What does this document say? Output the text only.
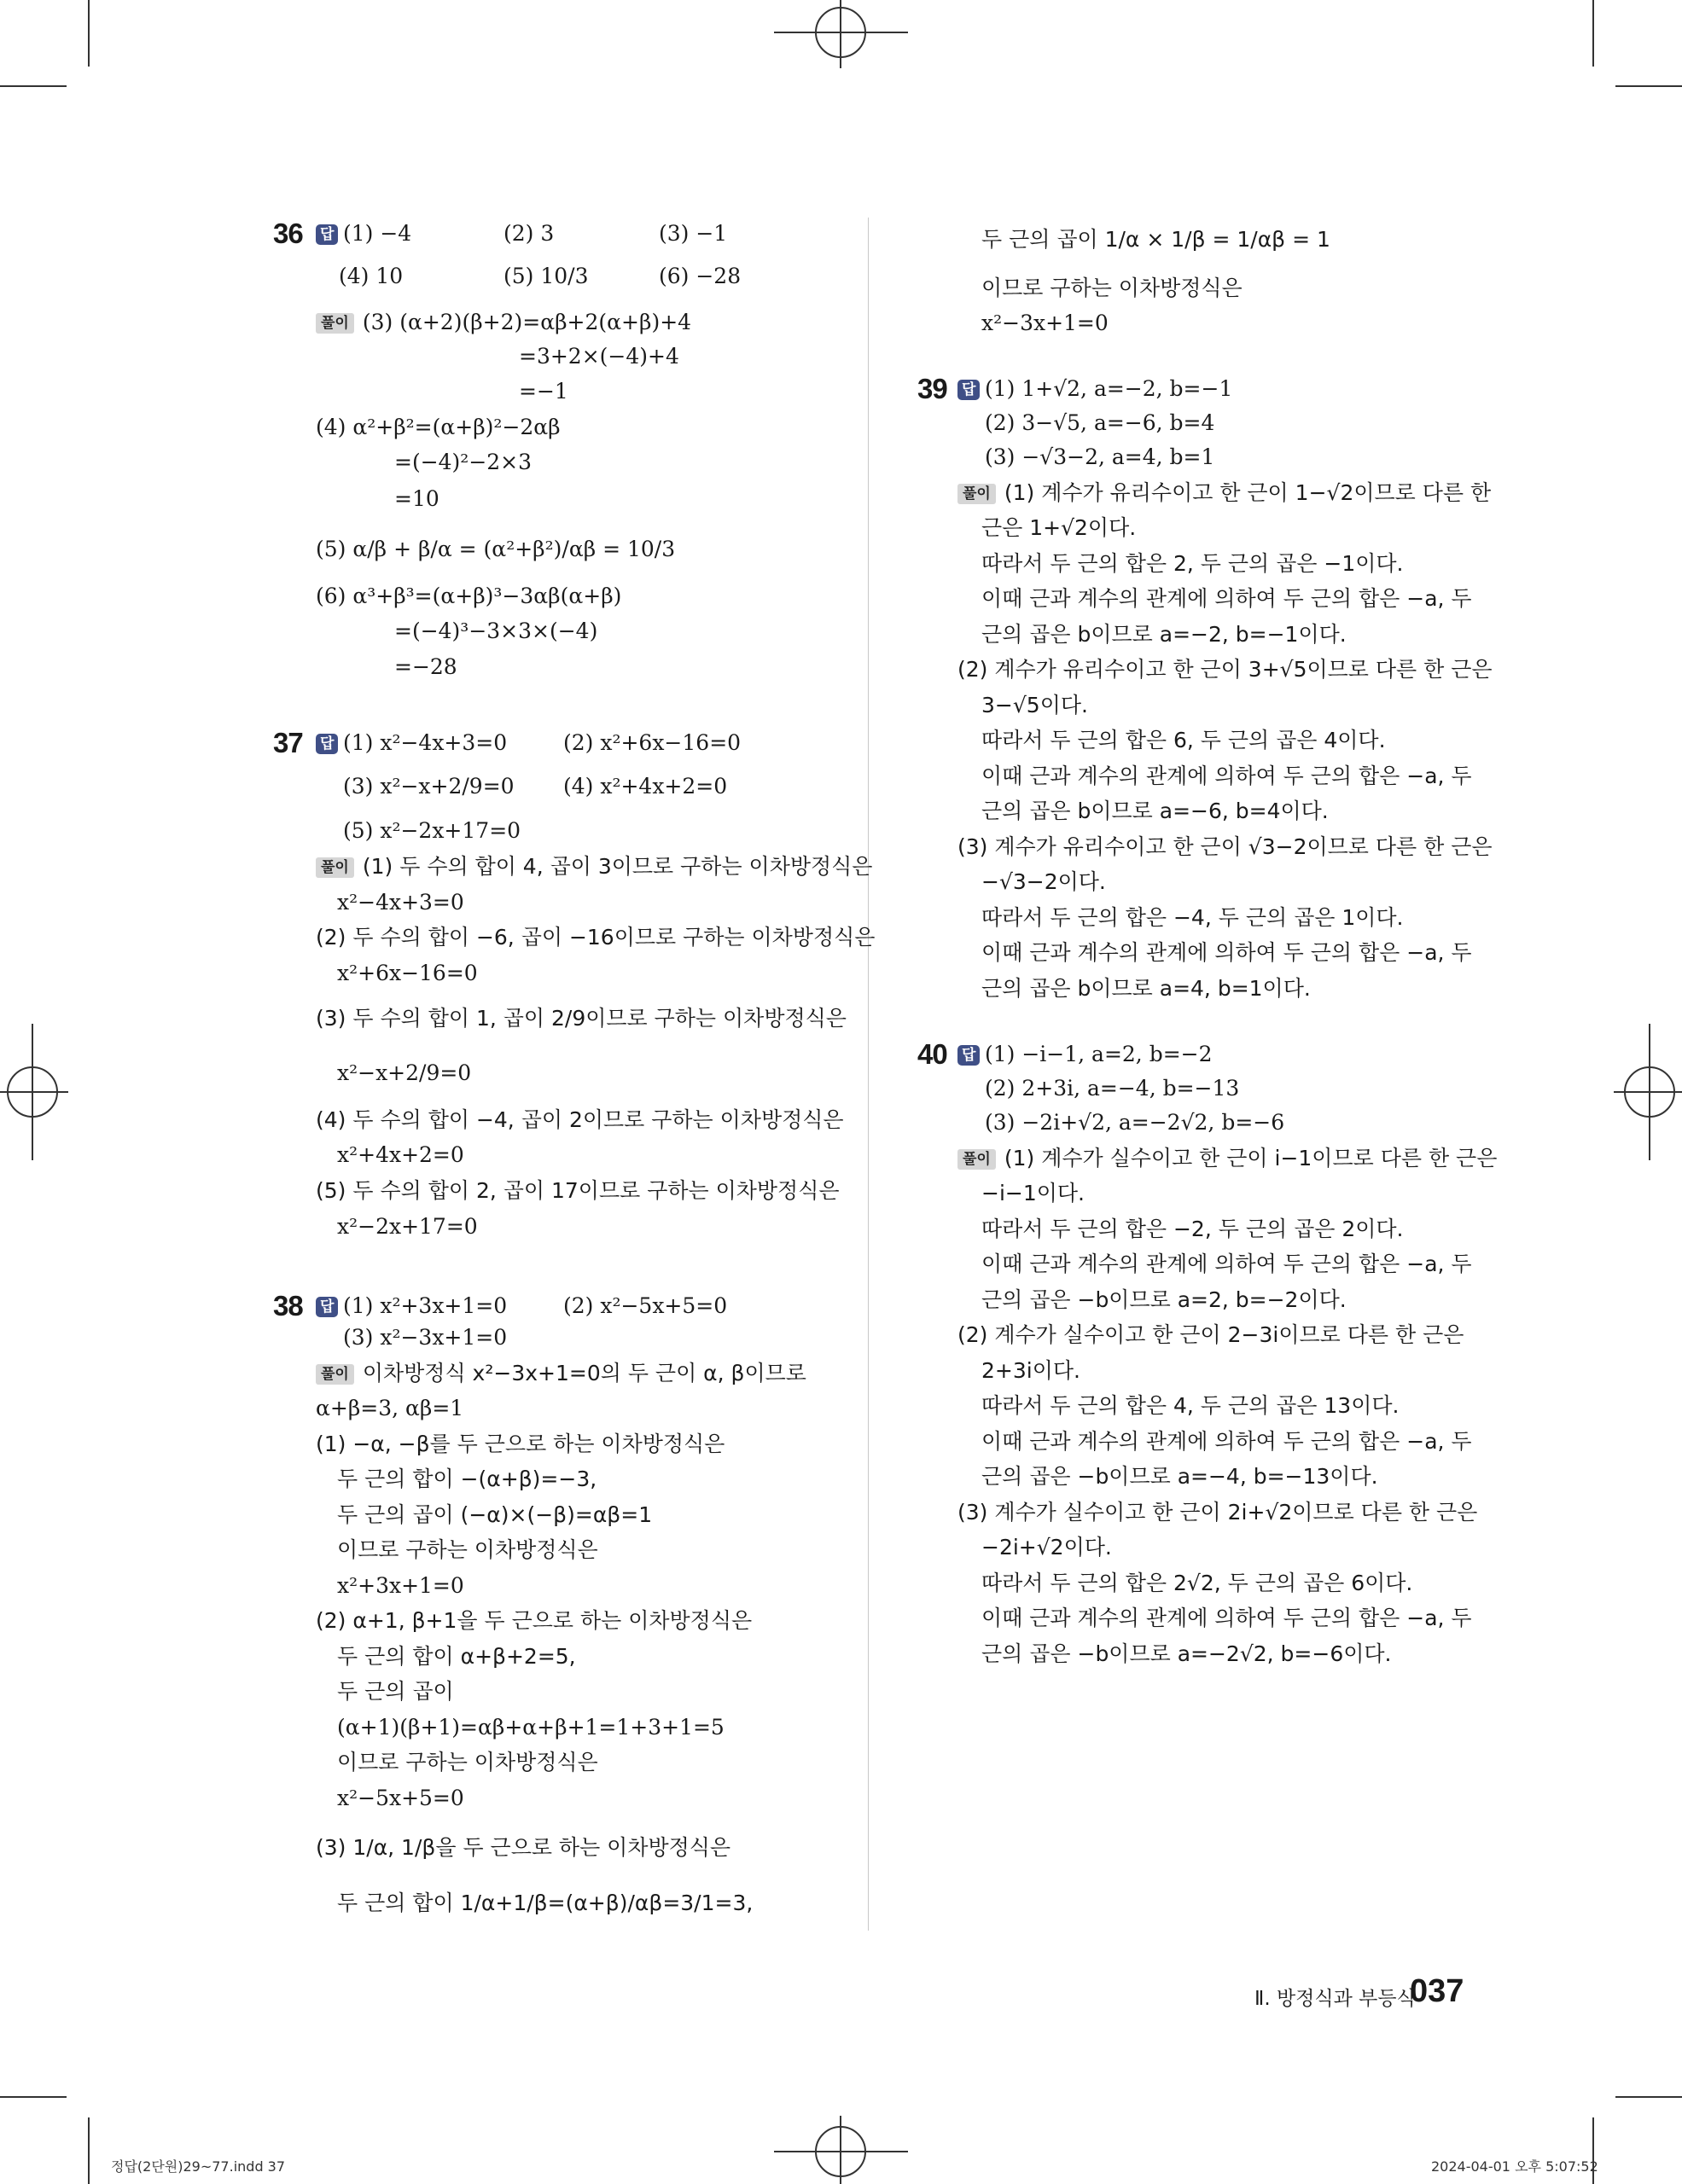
36 답 (1) −4	(2) 3	(3) −1
(4) 10	(5) 10/3	(6) −28
풀이 (3) (α+2)(β+2)=αβ+2(α+β)+4
=3+2×(−4)+4
=−1
(4) α²+β²=(α+β)²−2αβ
=(−4)²−2×3
=10
(5) α/β + β/α = (α²+β²)/αβ = 10/3
(6) α³+β³=(α+β)³−3αβ(α+β)
=(−4)³−3×3×(−4)
=−28
37 답 (1) x²−4x+3=0	(2) x²+6x−16=0
(3) x²−x+2/9=0 (4) x²+4x+2=0
(5) x²−2x+17=0
풀이 (1) 두 수의 합이 4, 곱이 3이므로 구하는 이차방정식은
x²−4x+3=0
(2) 두 수의 합이 −6, 곱이 −16이므로 구하는 이차방정식은
x²+6x−16=0
(3) 두 수의 합이 1, 곱이 2/9이므로 구하는 이차방정식은
x²−x+2/9=0
(4) 두 수의 합이 −4, 곱이 2이므로 구하는 이차방정식은
x²+4x+2=0
(5) 두 수의 합이 2, 곱이 17이므로 구하는 이차방정식은
x²−2x+17=0
38 답 (1) x²+3x+1=0	(2) x²−5x+5=0
(3) x²−3x+1=0
풀이 이차방정식 x²−3x+1=0의 두 근이 α, β이므로
α+β=3, αβ=1
(1) −α, −β를 두 근으로 하는 이차방정식은
두 근의 합이 −(α+β)=−3,
두 근의 곱이 (−α)×(−β)=αβ=1
이므로 구하는 이차방정식은
x²+3x+1=0
(2) α+1, β+1을 두 근으로 하는 이차방정식은
두 근의 합이 α+β+2=5,
두 근의 곱이
(α+1)(β+1)=αβ+α+β+1=1+3+1=5
이므로 구하는 이차방정식은
x²−5x+5=0
(3) 1/α, 1/β을 두 근으로 하는 이차방정식은
두 근의 합이 1/α+1/β=(α+β)/αβ=3/1=3,
두 근의 곱이 1/α × 1/β = 1/αβ = 1
이므로 구하는 이차방정식은
x²−3x+1=0
39 답 (1) 1+√2, a=−2, b=−1
(2) 3−√5, a=−6, b=4
(3) −√3−2, a=4, b=1
풀이 (1) 계수가 유리수이고 한 근이 1−√2이므로 다른 한
근은 1+√2이다.
따라서 두 근의 합은 2, 두 근의 곱은 −1이다.
이때 근과 계수의 관계에 의하여 두 근의 합은 −a, 두
근의 곱은 b이므로 a=−2, b=−1이다.
(2) 계수가 유리수이고 한 근이 3+√5이므로 다른 한 근은
3−√5이다.
따라서 두 근의 합은 6, 두 근의 곱은 4이다.
이때 근과 계수의 관계에 의하여 두 근의 합은 −a, 두
근의 곱은 b이므로 a=−6, b=4이다.
(3) 계수가 유리수이고 한 근이 √3−2이므로 다른 한 근은
−√3−2이다.
따라서 두 근의 합은 −4, 두 근의 곱은 1이다.
이때 근과 계수의 관계에 의하여 두 근의 합은 −a, 두
근의 곱은 b이므로 a=4, b=1이다.
40 답 (1) −i−1, a=2, b=−2
(2) 2+3i, a=−4, b=−13
(3) −2i+√2, a=−2√2, b=−6
풀이 (1) 계수가 실수이고 한 근이 i−1이므로 다른 한 근은
−i−1이다.
따라서 두 근의 합은 −2, 두 근의 곱은 2이다.
이때 근과 계수의 관계에 의하여 두 근의 합은 −a, 두
근의 곱은 −b이므로 a=2, b=−2이다.
(2) 계수가 실수이고 한 근이 2−3i이므로 다른 한 근은
2+3i이다.
따라서 두 근의 합은 4, 두 근의 곱은 13이다.
이때 근과 계수의 관계에 의하여 두 근의 합은 −a, 두
근의 곱은 −b이므로 a=−4, b=−13이다.
(3) 계수가 실수이고 한 근이 2i+√2이므로 다른 한 근은
−2i+√2이다.
따라서 두 근의 합은 2√2, 두 근의 곱은 6이다.
이때 근과 계수의 관계에 의하여 두 근의 합은 −a, 두
근의 곱은 −b이므로 a=−2√2, b=−6이다.
Ⅱ. 방정식과 부등식
037
정답(2단원)29~77.indd 37	2024-04-01 오후 5:07:52
